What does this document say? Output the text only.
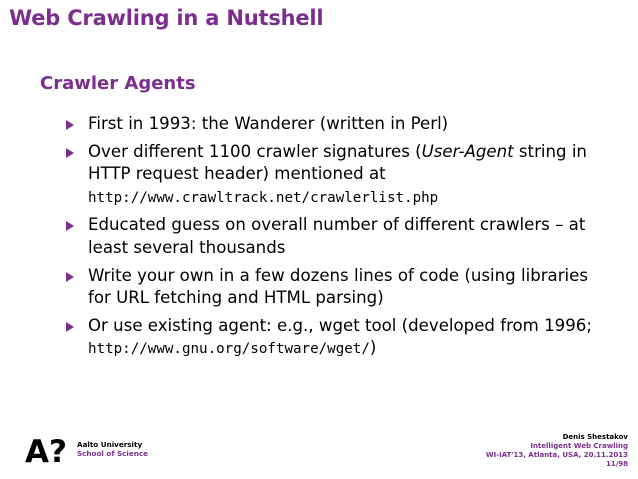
Web Crawling in a Nutshell
Crawler Agents
First in 1993: the Wanderer (written in Perl)
Over different 1100 crawler signatures (User-Agent string in HTTP request header) mentioned at
http://www.crawltrack.net/crawlerlist.php
Educated guess on overall number of different crawlers – at least several thousands
Write your own in a few dozens lines of code (using libraries for URL fetching and HTML parsing)
Or use existing agent: e.g., wget tool (developed from 1996; http://www.gnu.org/software/wget/)
A? Aalto University
School of Science
Denis Shestakov
Intelligent Web Crawling
WI-IAT'13, Atlanta, USA, 20.11.2013
11/98
